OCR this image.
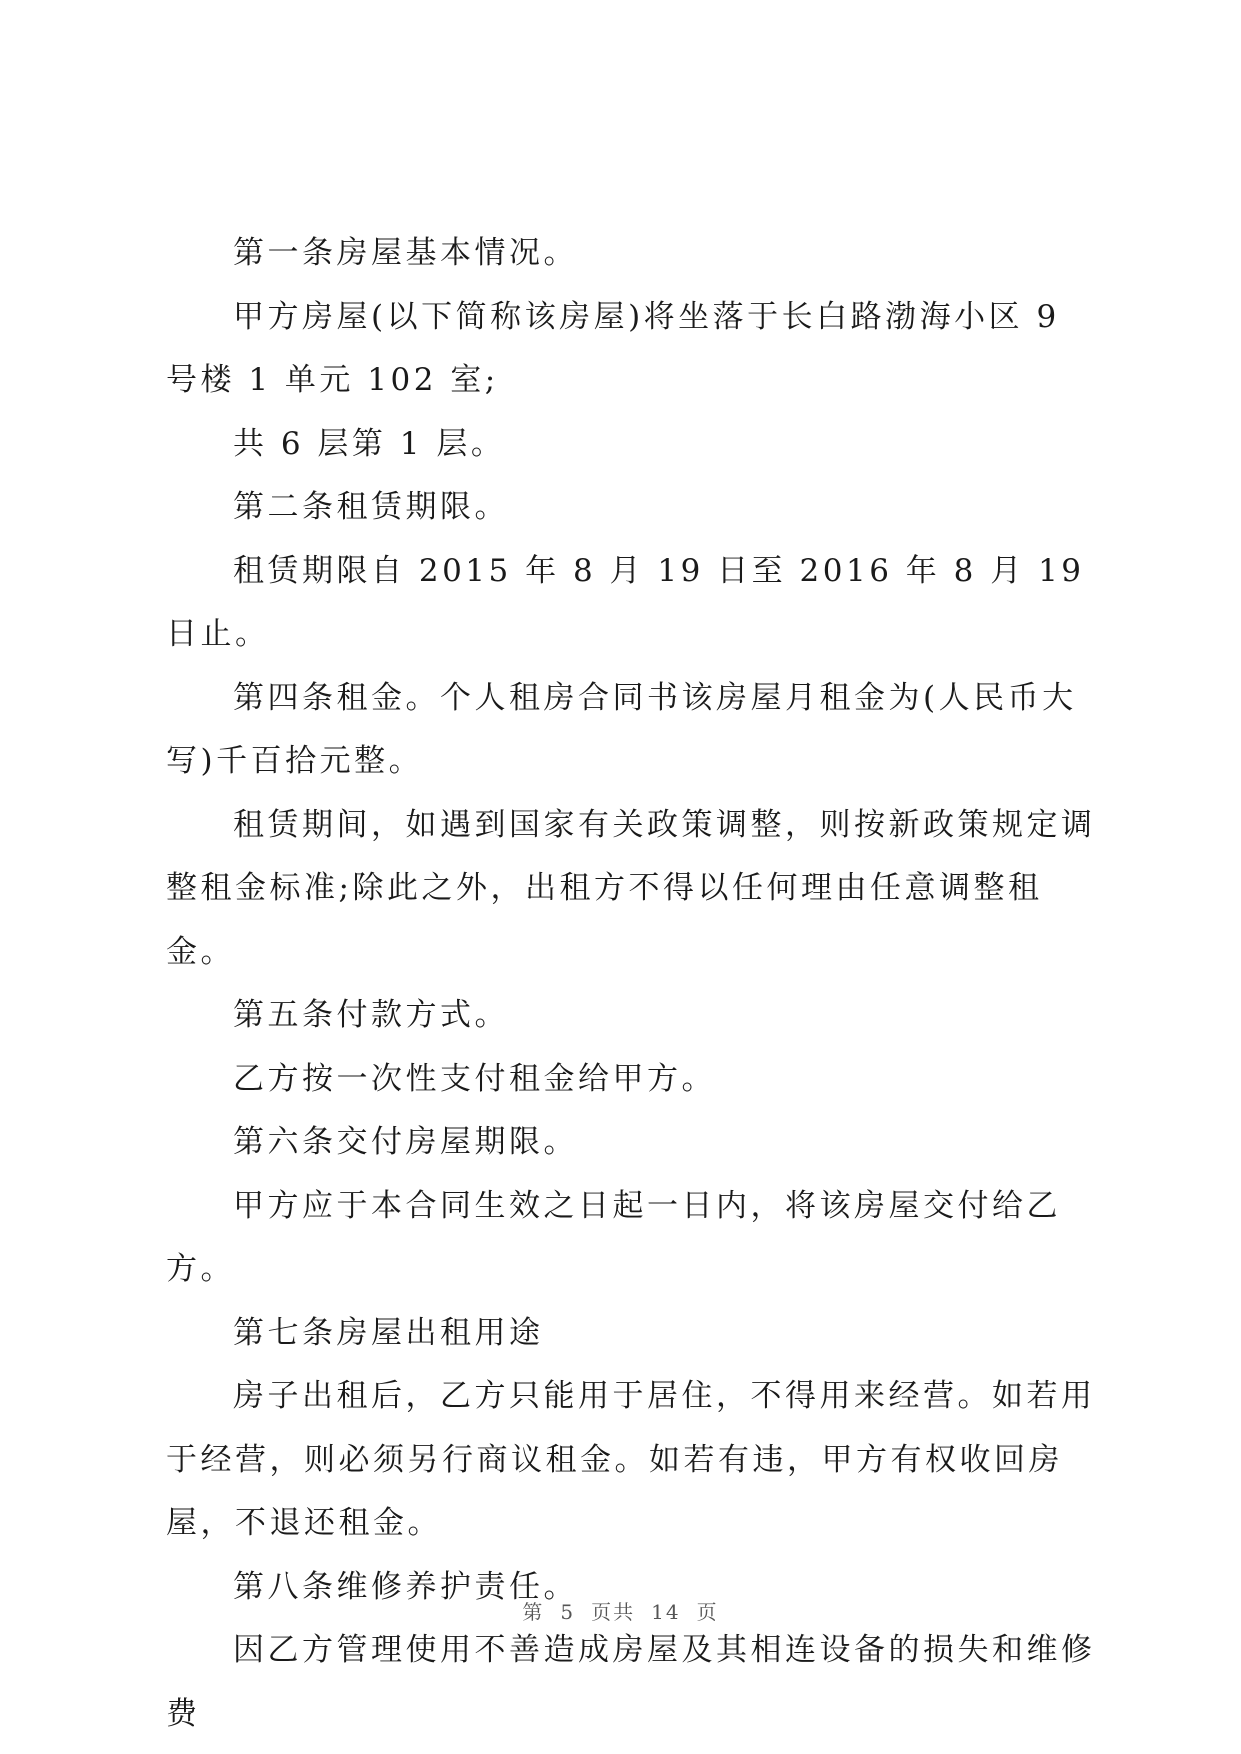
第一条房屋基本情况。

甲方房屋(以下简称该房屋)将坐落于长白路渤海小区 9 号楼 1 单元 102 室;

共 6 层第 1 层。

第二条租赁期限。

租赁期限自 2015 年 8 月 19 日至 2016 年 8 月 19 日止。

第四条租金。个人租房合同书该房屋月租金为(人民币大写)千百拾元整。

租赁期间，如遇到国家有关政策调整，则按新政策规定调整租金标准;除此之外，出租方不得以任何理由任意调整租金。

第五条付款方式。

乙方按一次性支付租金给甲方。

第六条交付房屋期限。

甲方应于本合同生效之日起一日内，将该房屋交付给乙方。

第七条房屋出租用途

房子出租后，乙方只能用于居住，不得用来经营。如若用于经营，则必须另行商议租金。如若有违，甲方有权收回房屋，不退还租金。

第八条维修养护责任。

因乙方管理使用不善造成房屋及其相连设备的损失和维修费

第 5 页共 14 页
